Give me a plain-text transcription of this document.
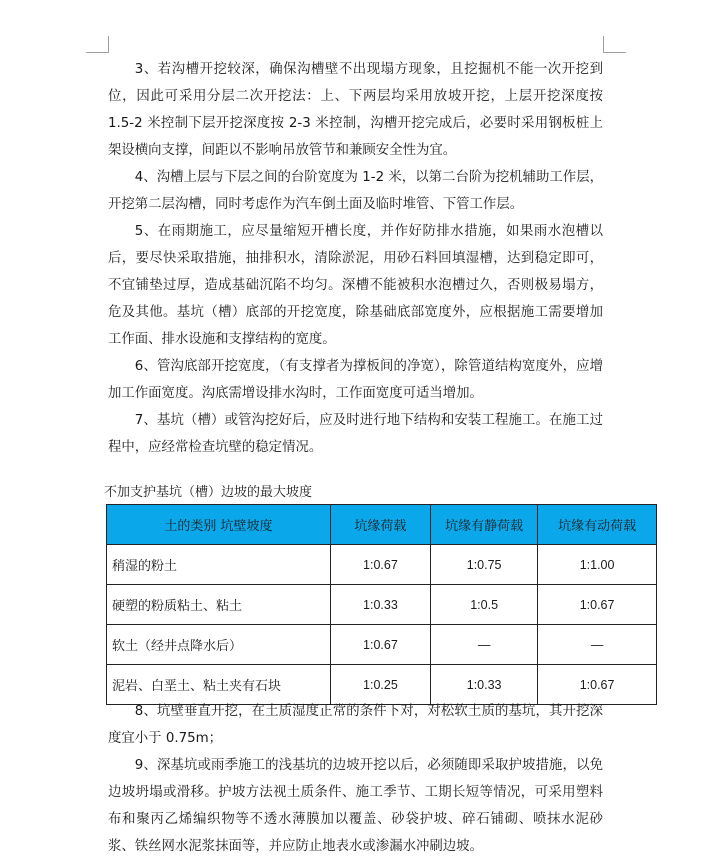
3、若沟槽开挖较深，确保沟槽壁不出现塌方现象，且挖掘机不能一次开挖到位，因此可采用分层二次开挖法：上、下两层均采用放坡开挖，上层开挖深度按 1.5-2 米控制下层开挖深度按 2-3 米控制，沟槽开挖完成后，必要时采用钢板桩上架设横向支撑，间距以不影响吊放管节和兼顾安全性为宜。

4、沟槽上层与下层之间的台阶宽度为 1-2 米，以第二台阶为挖机辅助工作层，开挖第二层沟槽，同时考虑作为汽车倒土面及临时堆管、下管工作层。

5、在雨期施工，应尽量缩短开槽长度，并作好防排水措施，如果雨水泡槽以后，要尽快采取措施，抽排积水，清除淤泥，用砂石料回填湿槽，达到稳定即可，不宜铺垫过厚，造成基础沉陷不均匀。深槽不能被积水泡槽过久，否则极易塌方，危及其他。基坑（槽）底部的开挖宽度，除基础底部宽度外，应根据施工需要增加工作面、排水设施和支撑结构的宽度。

6、管沟底部开挖宽度，（有支撑者为撑板间的净宽），除管道结构宽度外，应增加工作面宽度。沟底需增设排水沟时，工作面宽度可适当增加。

7、基坑（槽）或管沟挖好后，应及时进行地下结构和安装工程施工。在施工过程中，应经常检查坑壁的稳定情况。

不加支护基坑（槽）边坡的最大坡度

土的类别 坑壁坡度	坑缘荷载	坑缘有静荷载	坑缘有动荷载
稍湿的粉土	1:0.67	1:0.75	1:1.00
硬塑的粉质粘土、粘土	1:0.33	1:0.5	1:0.67
软土（经井点降水后）	1:0.67	—	—
泥岩、白垩土、粘土夹有石块	1:0.25	1:0.33	1:0.67

8、坑壁垂直开挖，在土质湿度正常的条件下对，对松软土质的基坑，其开挖深度宜小于 0.75m；

9、深基坑或雨季施工的浅基坑的边坡开挖以后，必须随即采取护坡措施，以免边坡坍塌或滑移。护坡方法视土质条件、施工季节、工期长短等情况，可采用塑料布和聚丙乙烯编织物等不透水薄膜加以覆盖、砂袋护坡、碎石铺砌、喷抹水泥砂浆、铁丝网水泥浆抹面等，并应防止地表水或渗漏水冲刷边坡。
